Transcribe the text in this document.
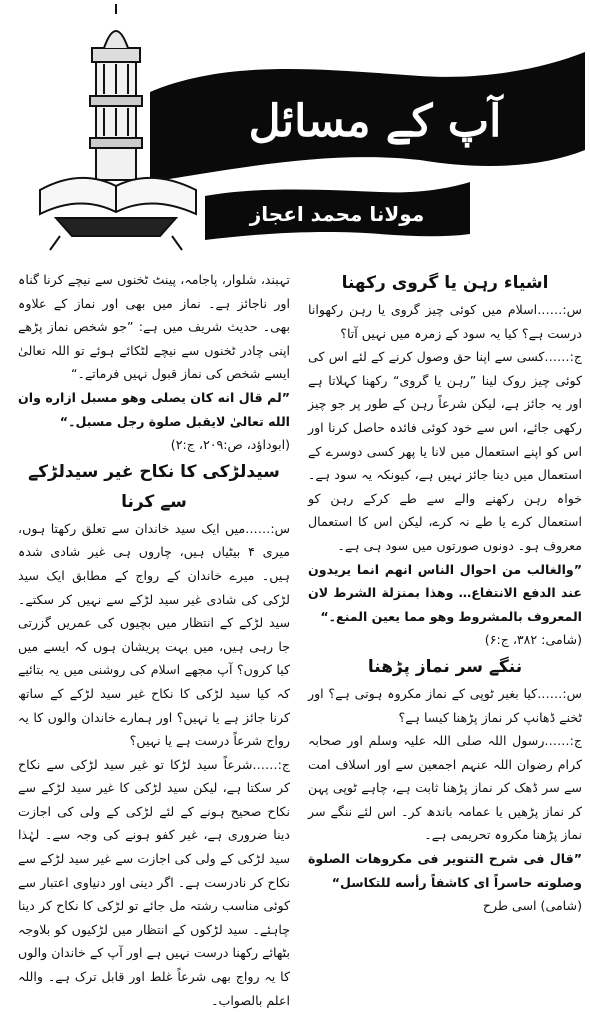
آپ کے مسائل
مولانا محمد اعجاز مصطفیٰ

اشیاء رہن یا گروی رکھنا

س:……اسلام میں کوئی چیز گروی یا رہن رکھوانا درست ہے؟ کیا یہ سود کے زمرہ میں نہیں آتا؟

ج:……کسی سے اپنا حق وصول کرنے کے لئے اس کی کوئی چیز روک لینا ”رہن یا گروی“ رکھنا کہلاتا ہے اور یہ جائز ہے، لیکن شرعاً رہن کے طور پر جو چیز رکھی جائے، اس سے خود کوئی فائدہ حاصل کرنا اور اس کو اپنے استعمال میں لانا یا پھر کسی دوسرے کے استعمال میں دینا جائز نہیں ہے، کیونکہ یہ سود ہے۔ خواہ رہن رکھنے والے سے طے کرکے رہن کو استعمال کرے یا طے نہ کرے، لیکن اس کا استعمال معروف ہو۔ دونوں صورتوں میں سود ہی ہے۔

”والغالب من احوال الناس انهم انما یریدون عند الدفع الانتفاع… وهذا بمنزلة الشرط لان المعروف بالمشروط وهو مما یعین المنع۔“

(شامی: ۳۸۲، ج:۶)

ننگے سر نماز پڑھنا

س:……کیا بغیر ٹوپی کے نماز مکروہ ہوتی ہے؟ اور ٹخنے ڈھانپ کر نماز پڑھنا کیسا ہے؟

ج:……رسول اللہ صلی اللہ علیہ وسلم اور صحابہ کرام رضوان اللہ عنہم اجمعین سے اور اسلاف امت سے سر ڈھک کر نماز پڑھنا ثابت ہے، چاہے ٹوپی پہن کر نماز پڑھیں یا عمامہ باندھ کر۔ اس لئے ننگے سر نماز پڑھنا مکروہ تحریمی ہے۔

”قال فی شرح التنویر فی مکروهات الصلوة وصلوته حاسراً ای کاشفاً رأسه للتکاسل“

(شامی) اسی طرح

تہبند، شلوار، پاجامہ، پینٹ ٹخنوں سے نیچے کرنا گناہ اور ناجائز ہے۔ نماز میں بھی اور نماز کے علاوہ بھی۔ حدیث شریف میں ہے: ”جو شخص نماز پڑھے اپنی چادر ٹخنوں سے نیچے لٹکائے ہوئے تو اللہ تعالیٰ ایسے شخص کی نماز قبول نہیں فرماتے۔“

”لم قال انه کان یصلی وهو مسبل ازاره وان الله تعالیٰ لایقبل صلوة رجل مسبل۔“

(ابوداؤد، ص:۲۰۹، ج:۲)

سیدلڑکی کا نکاح غیر سیدلڑکے سے کرنا

س:……میں ایک سید خاندان سے تعلق رکھتا ہوں، میری ۴ بیٹیاں ہیں، چاروں ہی غیر شادی شدہ ہیں۔ میرے خاندان کے رواج کے مطابق ایک سید لڑکی کی شادی غیر سید لڑکے سے نہیں کر سکتے۔ سید لڑکے کے انتظار میں بچیوں کی عمریں گزرتی جا رہی ہیں، میں بہت پریشان ہوں کہ ایسے میں کیا کروں؟ آپ مجھے اسلام کی روشنی میں یہ بتائیے کہ کیا سید لڑکی کا نکاح غیر سید لڑکے کے ساتھ کرنا جائز ہے یا نہیں؟ اور ہمارے خاندان والوں کا یہ رواج شرعاً درست ہے یا نہیں؟

ج:……شرعاً سید لڑکا تو غیر سید لڑکی سے نکاح کر سکتا ہے، لیکن سید لڑکی کا غیر سید لڑکے سے نکاح صحیح ہونے کے لئے لڑکی کے ولی کی اجازت دینا ضروری ہے، غیر کفو ہونے کی وجہ سے۔ لہٰذا سید لڑکی کے ولی کی اجازت سے غیر سید لڑکے سے نکاح کر نادرست ہے۔ اگر دینی اور دنیاوی اعتبار سے کوئی مناسب رشتہ مل جائے تو لڑکی کا نکاح کر دینا چاہئے۔ سید لڑکوں کے انتظار میں لڑکیوں کو بلاوجہ بٹھائے رکھنا درست نہیں ہے اور آپ کے خاندان والوں کا یہ رواج بھی شرعاً غلط اور قابل ترک ہے۔ واللہ اعلم بالصواب۔
